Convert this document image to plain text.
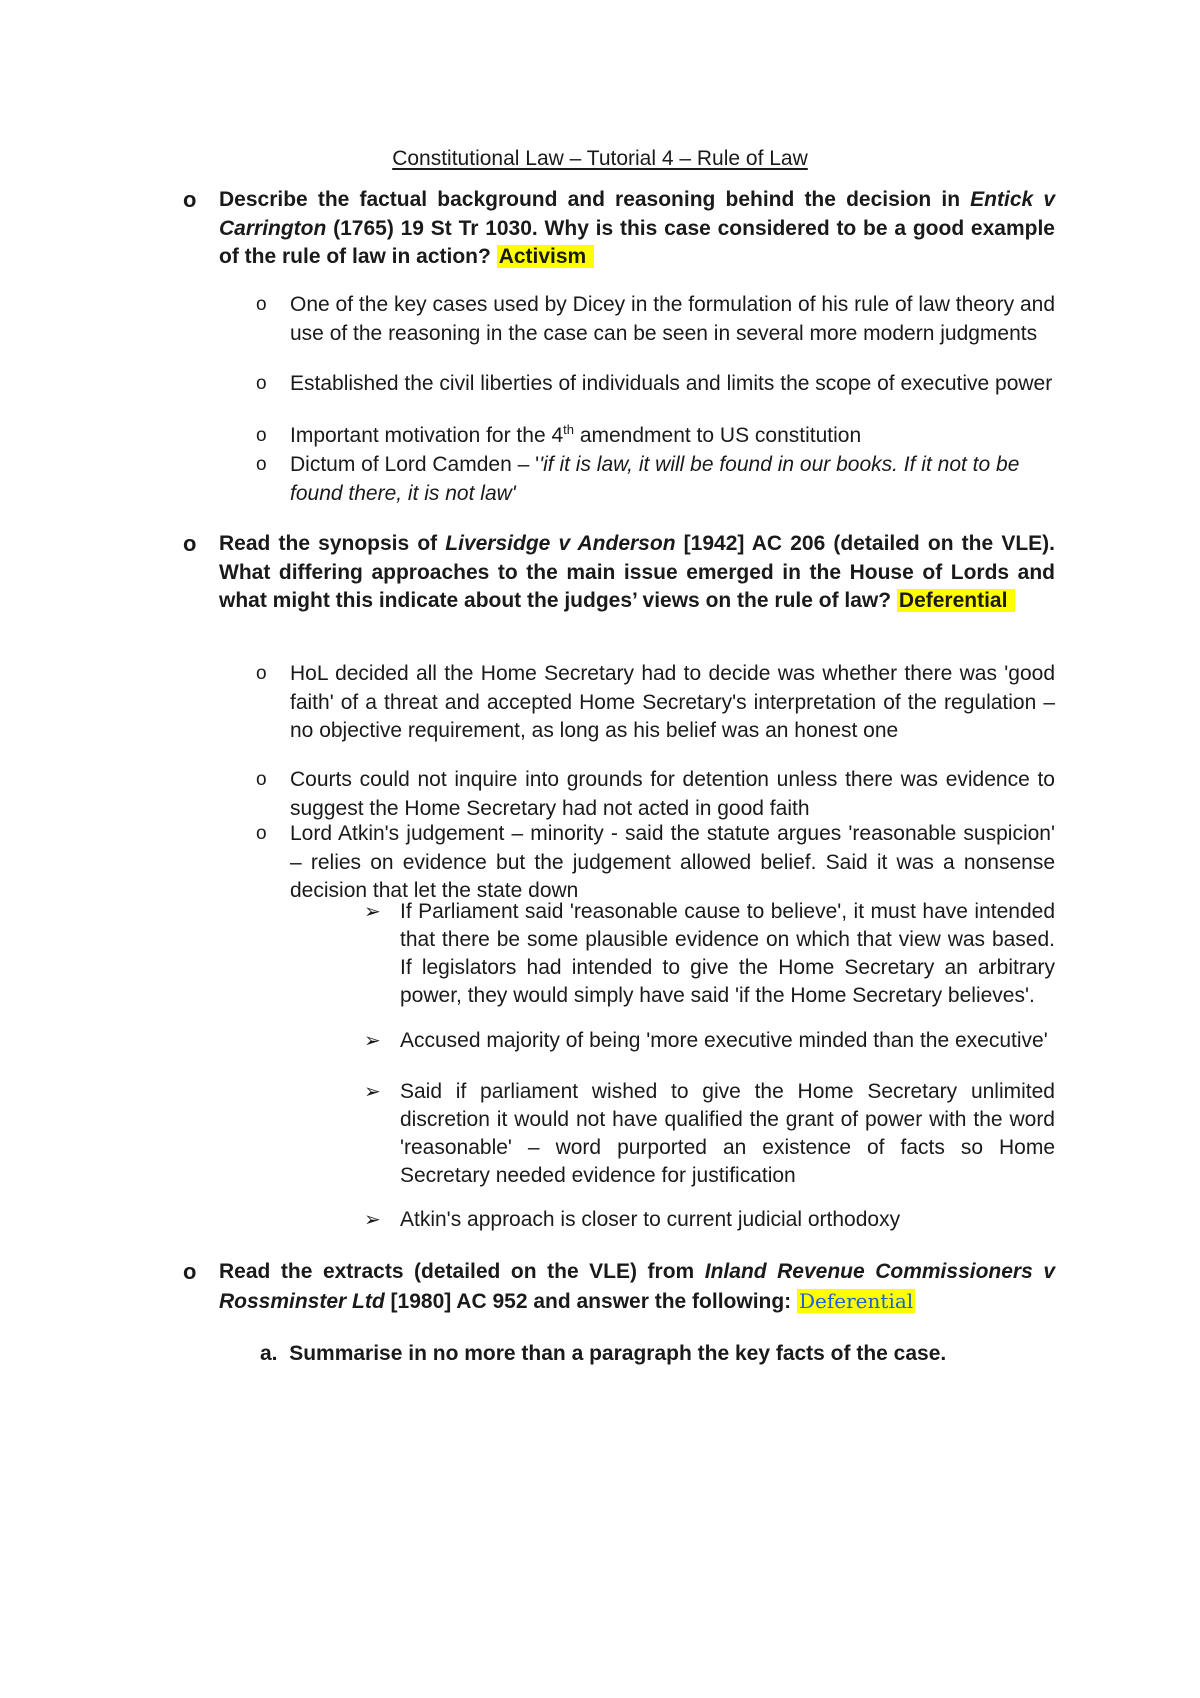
Constitutional Law – Tutorial 4 – Rule of Law
o Describe the factual background and reasoning behind the decision in Entick v Carrington (1765) 19 St Tr 1030. Why is this case considered to be a good example of the rule of law in action? Activism
o One of the key cases used by Dicey in the formulation of his rule of law theory and use of the reasoning in the case can be seen in several more modern judgments
o Established the civil liberties of individuals and limits the scope of executive power
o Important motivation for the 4th amendment to US constitution
o Dictum of Lord Camden – ''if it is law, it will be found in our books. If it not to be found there, it is not law'
o Read the synopsis of Liversidge v Anderson [1942] AC 206 (detailed on the VLE). What differing approaches to the main issue emerged in the House of Lords and what might this indicate about the judges’ views on the rule of law? Deferential
o HoL decided all the Home Secretary had to decide was whether there was 'good faith' of a threat and accepted Home Secretary's interpretation of the regulation – no objective requirement, as long as his belief was an honest one
o Courts could not inquire into grounds for detention unless there was evidence to suggest the Home Secretary had not acted in good faith
o Lord Atkin's judgement – minority - said the statute argues 'reasonable suspicion' – relies on evidence but the judgement allowed belief. Said it was a nonsense decision that let the state down
➢ If Parliament said 'reasonable cause to believe', it must have intended that there be some plausible evidence on which that view was based. If legislators had intended to give the Home Secretary an arbitrary power, they would simply have said 'if the Home Secretary believes'.
➢ Accused majority of being 'more executive minded than the executive'
➢ Said if parliament wished to give the Home Secretary unlimited discretion it would not have qualified the grant of power with the word 'reasonable' – word purported an existence of facts so Home Secretary needed evidence for justification
➢ Atkin's approach is closer to current judicial orthodoxy
o Read the extracts (detailed on the VLE) from Inland Revenue Commissioners v Rossminster Ltd [1980] AC 952 and answer the following: Deferential
a. Summarise in no more than a paragraph the key facts of the case.
